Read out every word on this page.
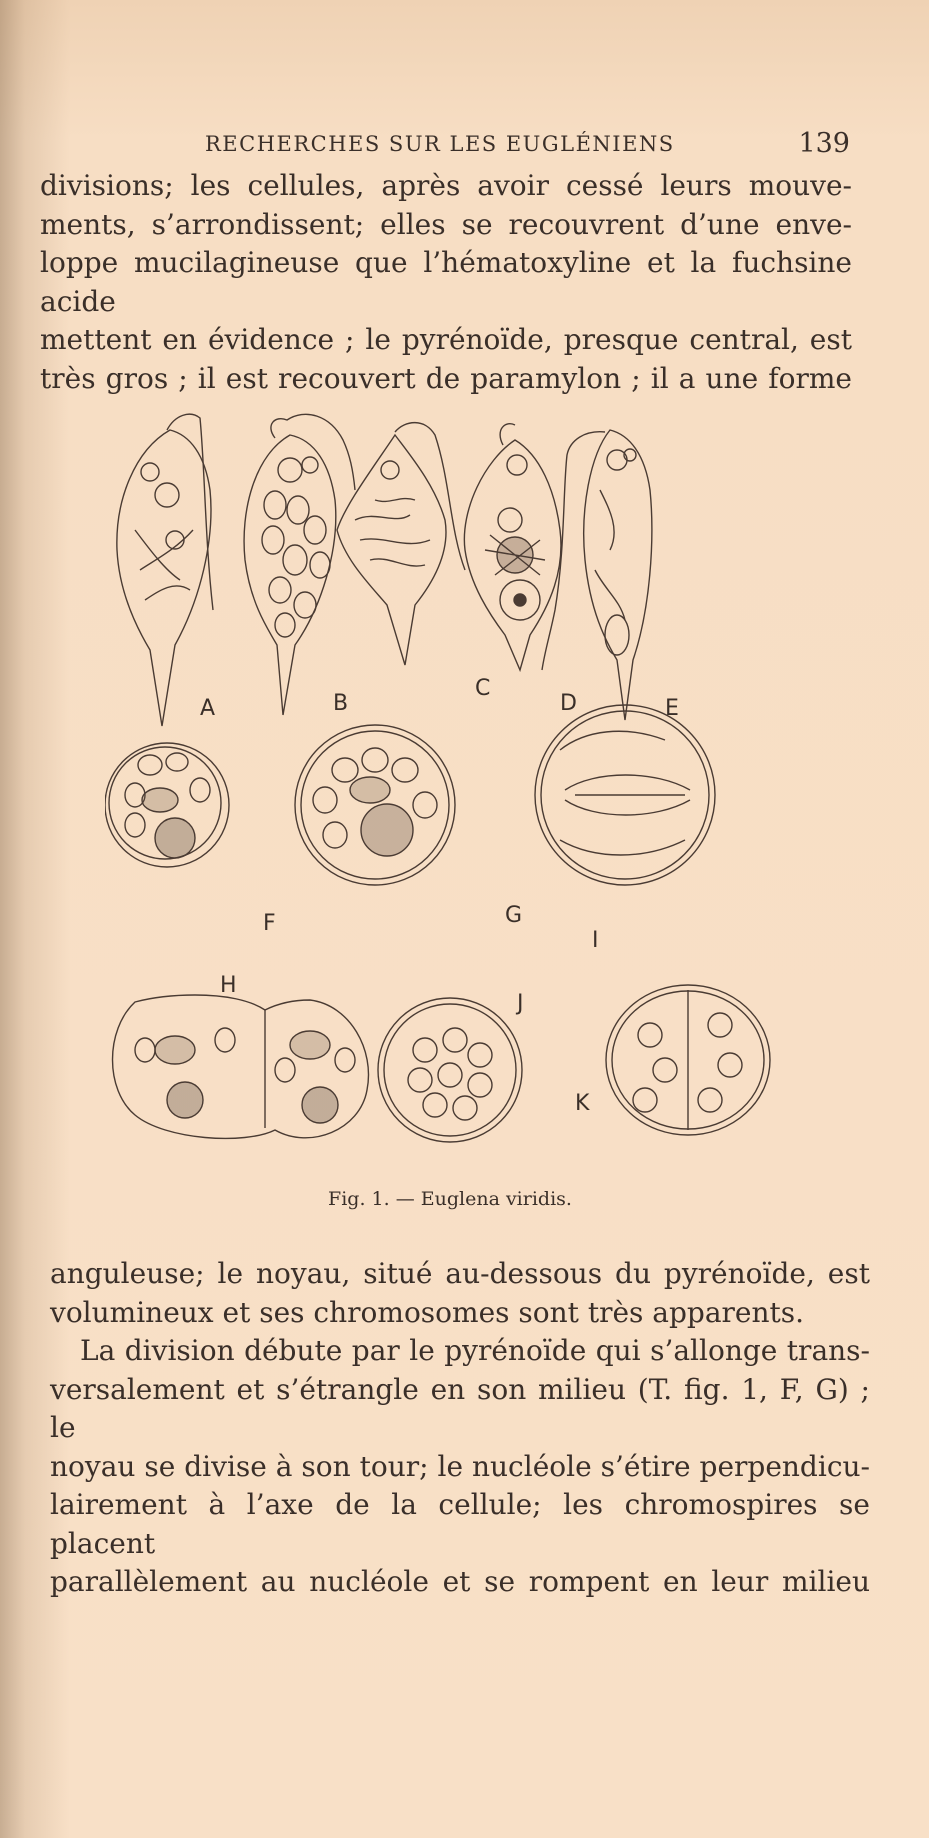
RECHERCHES SUR LES EUGLÉNIENS	139

divisions; les cellules, après avoir cessé leurs mouve-

ments, s’arrondissent; elles se recouvrent d’une enve-

loppe mucilagineuse que l’hématoxyline et la fuchsine acide

mettent en évidence ; le pyrénoïde, presque central, est

très gros ; il est recouvert de paramylon ; il a une forme

A	B
C
D	E
F	G
H
I
J
K
Fig. 1. — Euglena viridis.

anguleuse; le noyau, situé au-dessous du pyrénoïde, est

volumineux et ses chromosomes sont très apparents.

La division débute par le pyrénoïde qui s’allonge trans-

versalement et s’étrangle en son milieu (T. fig. 1, F, G) ; le

noyau se divise à son tour; le nucléole s’étire perpendicu-

lairement à l’axe de la cellule; les chromospires se placent

parallèlement au nucléole et se rompent en leur milieu
